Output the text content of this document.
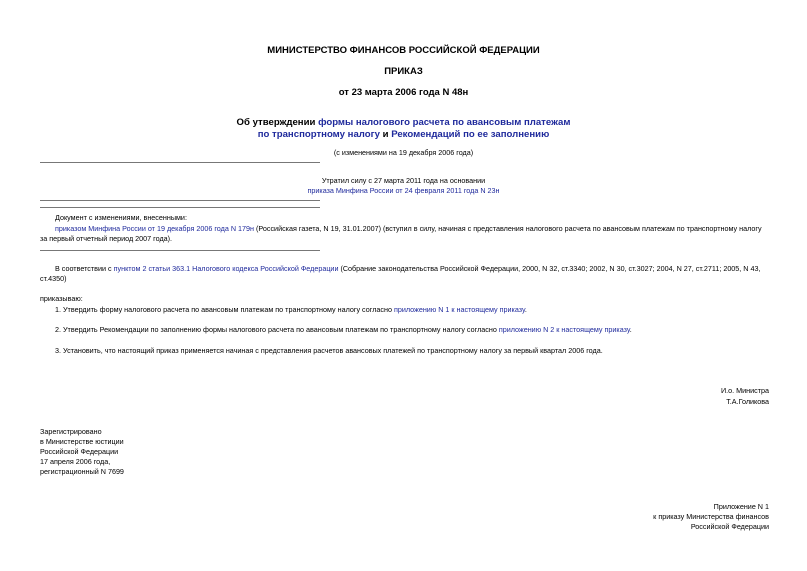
МИНИСТЕРСТВО ФИНАНСОВ РОССИЙСКОЙ ФЕДЕРАЦИИ
ПРИКАЗ
от 23 марта 2006 года N 48н
Об утверждении формы налогового расчета по авансовым платежам
по транспортному налогу и Рекомендаций по ее заполнению
(с изменениями на 19 декабря 2006 года)
Утратил силу с 27 марта 2011 года на основании
приказа Минфина России от 24 февраля 2011 года N 23н
Документ с изменениями, внесенными:
приказом Минфина России от 19 декабря 2006 года N 179н (Российская газета, N 19, 31.01.2007) (вступил в силу, начиная с представления налогового расчета по авансовым платежам по транспортному налогу
за первый отчетный период 2007 года).
В соответствии с пунктом 2 статьи 363.1 Налогового кодекса Российской Федерации (Собрание законодательства Российской Федерации, 2000, N 32, ст.3340; 2002, N 30, ст.3027; 2004, N 27, ст.2711; 2005, N 43,
ст.4350)
приказываю:
1. Утвердить форму налогового расчета по авансовым платежам по транспортному налогу согласно приложению N 1 к настоящему приказу.
2. Утвердить Рекомендации по заполнению формы налогового расчета по авансовым платежам по транспортному налогу согласно приложению N 2 к настоящему приказу.
3. Установить, что настоящий приказ применяется начиная с представления расчетов авансовых платежей по транспортному налогу за первый квартал 2006 года.
И.о. Министра
Т.А.Голикова
Зарегистрировано
в Министерстве юстиции
Российской Федерации
17 апреля 2006 года,
регистрационный N 7699
Приложение N 1
к приказу Министерства финансов
Российской Федерации
